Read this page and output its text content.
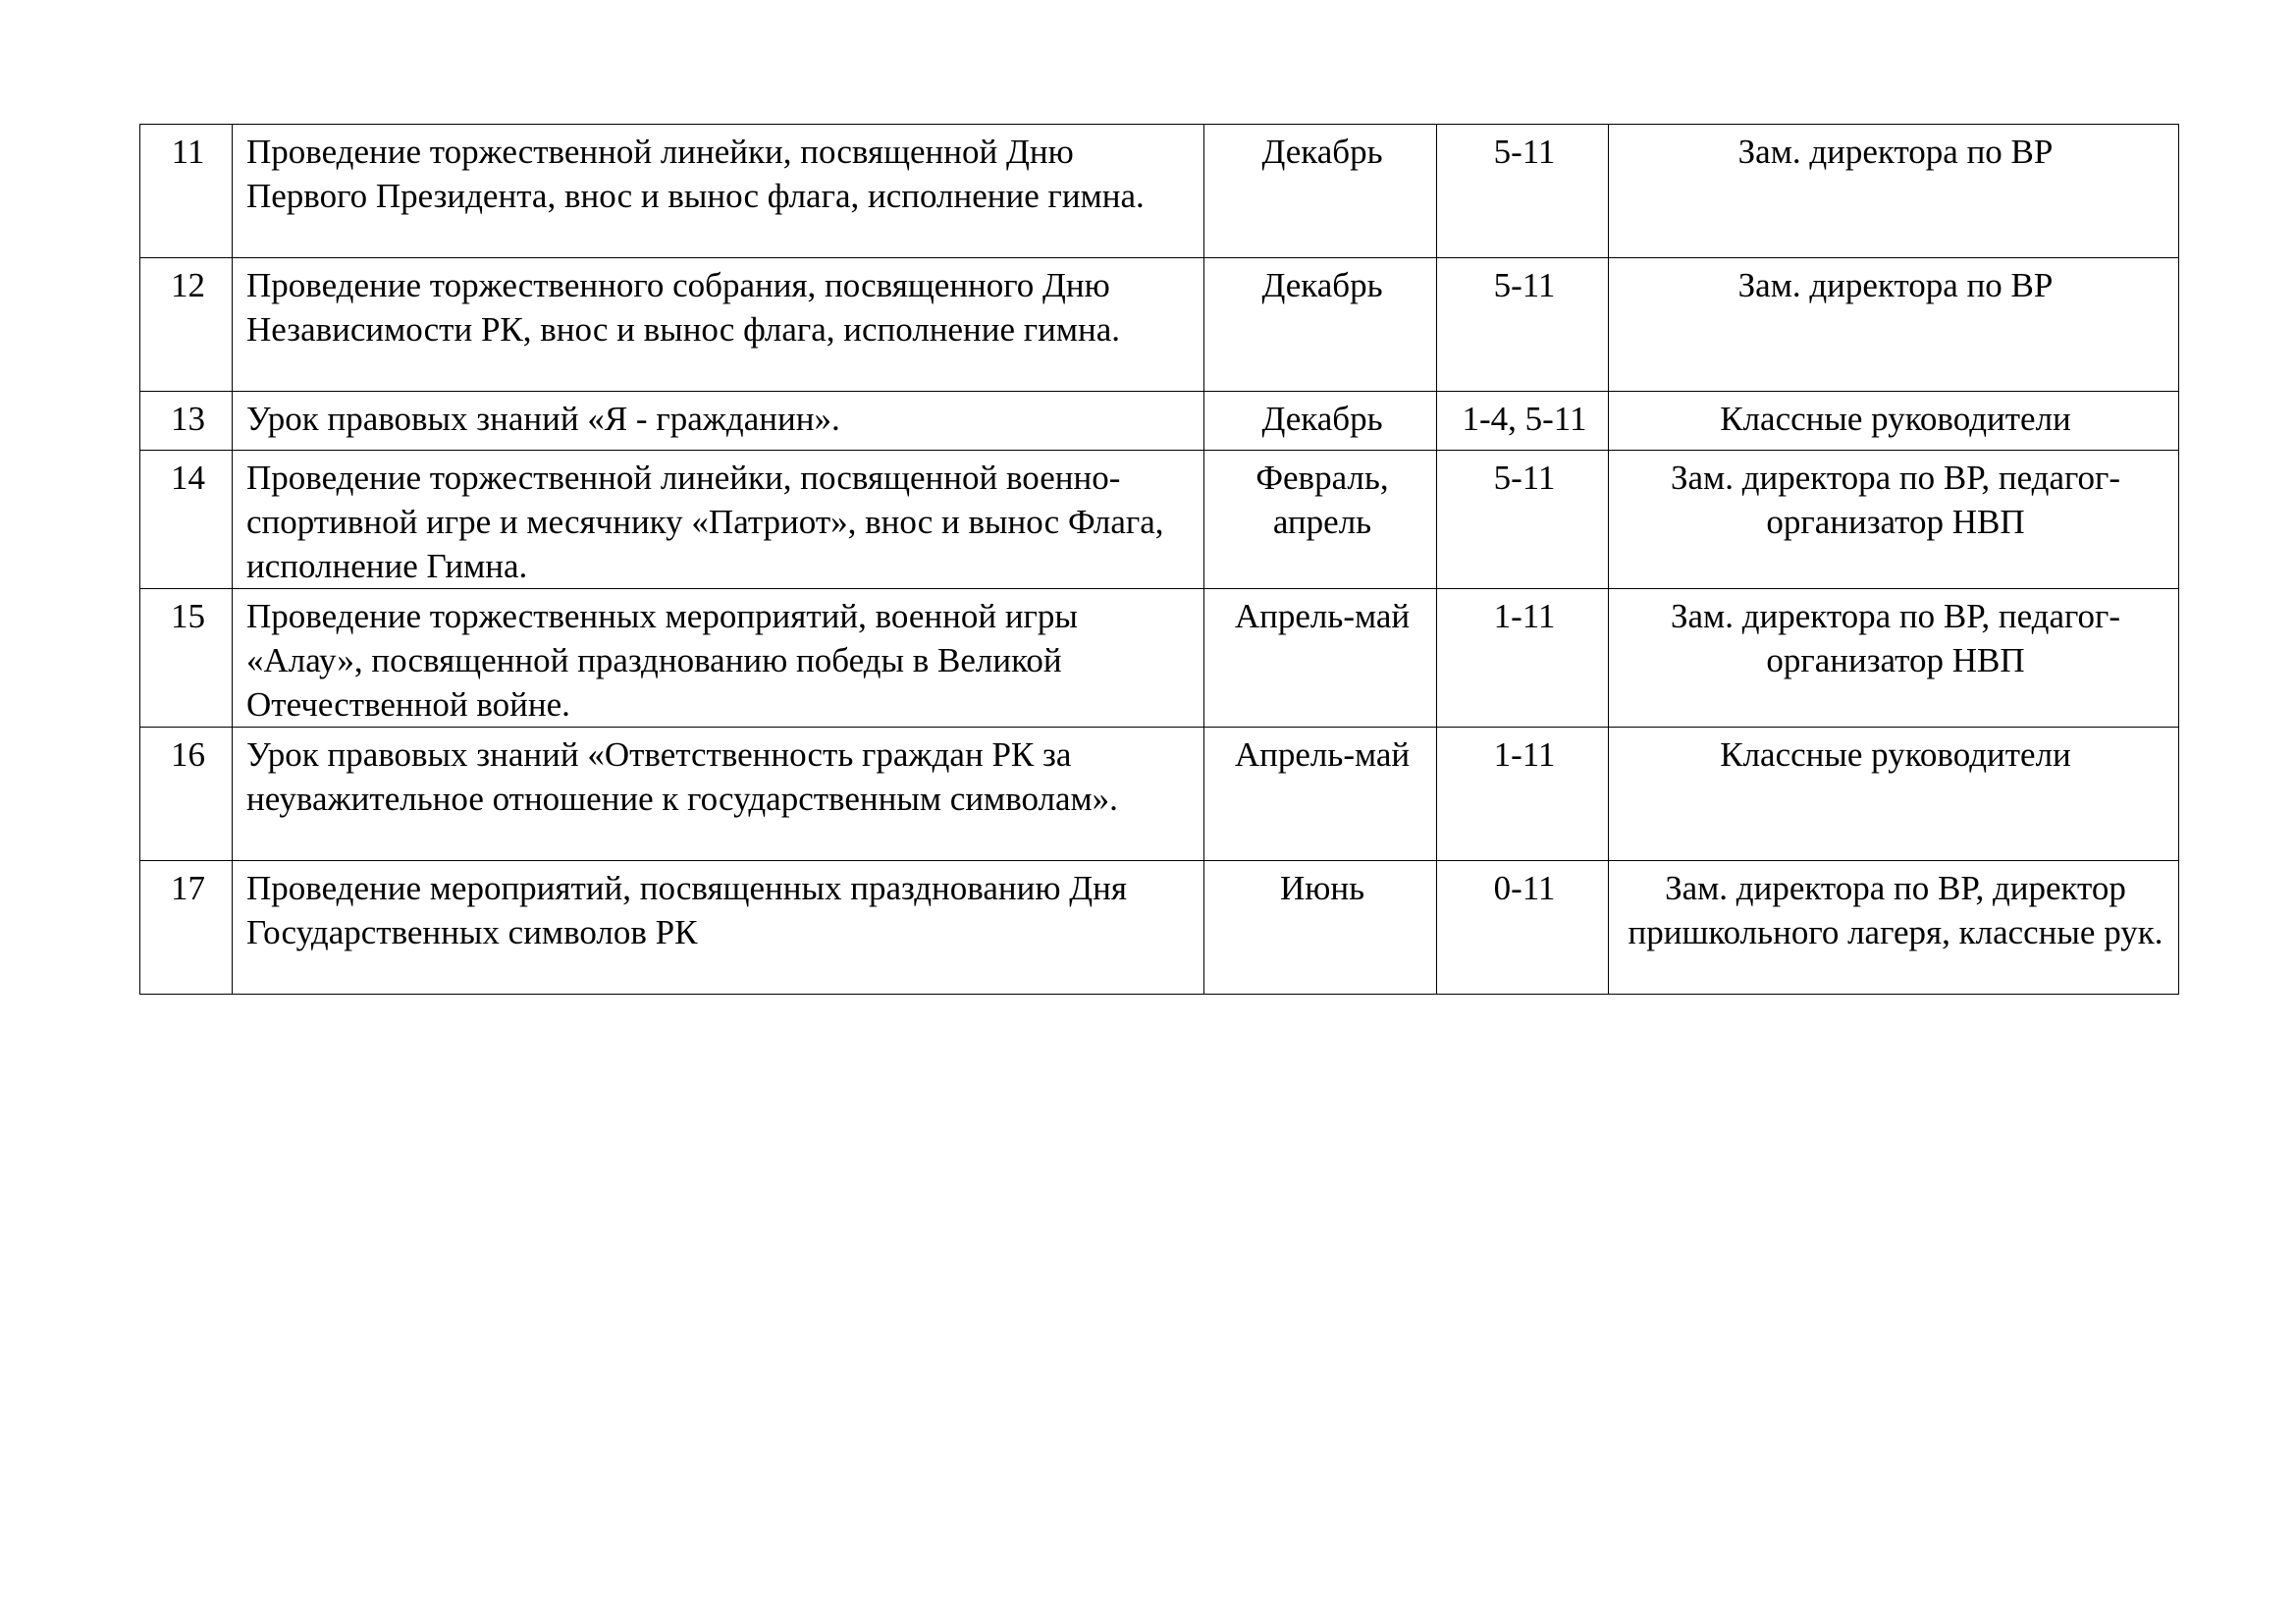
11	Проведение торжественной линейки, посвященной Дню Первого Президента, внос и вынос флага, исполнение гимна.	Декабрь	5-11	Зам. директора по ВР
12	Проведение торжественного собрания, посвященного Дню Независимости РК, внос и вынос флага, исполнение гимна.	Декабрь	5-11	Зам. директора по ВР
13	Урок правовых знаний «Я - гражданин».	Декабрь	1-4, 5-11	Классные руководители
14	Проведение торжественной линейки, посвященной военно-спортивной игре и месячнику «Патриот», внос и вынос Флага, исполнение Гимна.	Февраль, апрель	5-11	Зам. директора по ВР, педагог-организатор НВП
15	Проведение торжественных мероприятий, военной игры «Алау», посвященной празднованию победы в Великой Отечественной войне.	Апрель-май	1-11	Зам. директора по ВР, педагог-организатор НВП
16	Урок правовых знаний «Ответственность граждан РК за неуважительное отношение к государственным символам».	Апрель-май	1-11	Классные руководители
17	Проведение мероприятий, посвященных празднованию Дня Государственных символов РК	Июнь	0-11	Зам. директора по ВР, директор пришкольного лагеря, классные рук.
